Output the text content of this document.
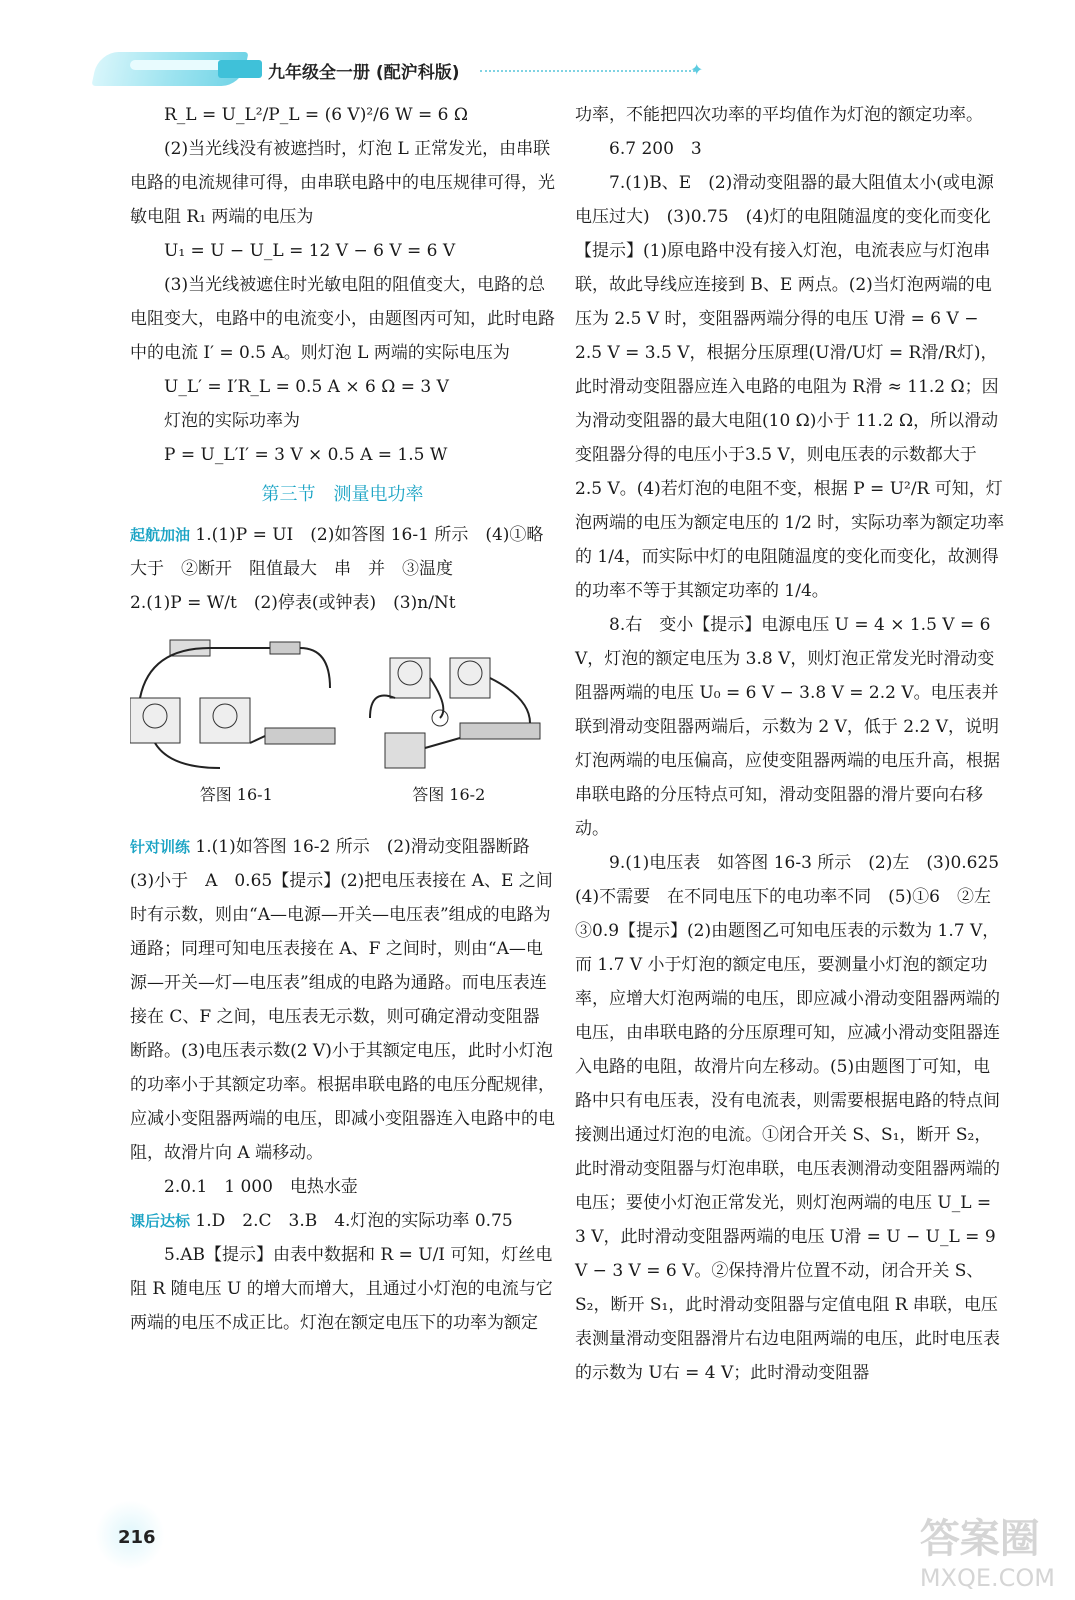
九年级全一册 (配沪科版)	✦

R_L = U_L²/P_L = (6 V)²/6 W = 6 Ω

(2)当光线没有被遮挡时，灯泡 L 正常发光，由串联电路的电流规律可得，由串联电路中的电压规律可得，光敏电阻 R₁ 两端的电压为

U₁ = U − U_L = 12 V − 6 V = 6 V

(3)当光线被遮住时光敏电阻的阻值变大，电路的总电阻变大，电路中的电流变小，由题图丙可知，此时电路中的电流 I′ = 0.5 A。则灯泡 L 两端的实际电压为

U_L′ = I′R_L = 0.5 A × 6 Ω = 3 V

灯泡的实际功率为

P = U_L′I′ = 3 V × 0.5 A = 1.5 W

第三节　测量电功率

起航加油 1.(1)P = UI　(2)如答图 16-1 所示　(4)①略大于　②断开　阻值最大　串　并　③温度

2.(1)P = W/t　(2)停表(或钟表)　(3)n/Nt

答图 16-1	答图 16-2

针对训练 1.(1)如答图 16-2 所示　(2)滑动变阻器断路　(3)小于　A　0.65【提示】(2)把电压表接在 A、E 之间时有示数，则由“A—电源—开关—电压表”组成的电路为通路；同理可知电压表接在 A、F 之间时，则由“A—电源—开关—灯—电压表”组成的电路为通路。而电压表连接在 C、F 之间，电压表无示数，则可确定滑动变阻器断路。(3)电压表示数(2 V)小于其额定电压，此时小灯泡的功率小于其额定功率。根据串联电路的电压分配规律，应减小变阻器两端的电压，即减小变阻器连入电路中的电阻，故滑片向 A 端移动。

2.0.1　1 000　电热水壶

课后达标 1.D　2.C　3.B　4.灯泡的实际功率 0.75

5.AB【提示】由表中数据和 R = U/I 可知，灯丝电阻 R 随电压 U 的增大而增大，且通过小灯泡的电流与它两端的电压不成正比。灯泡在额定电压下的功率为额定

功率，不能把四次功率的平均值作为灯泡的额定功率。

6.7 200　3

7.(1)B、E　(2)滑动变阻器的最大阻值太小(或电源电压过大)　(3)0.75　(4)灯的电阻随温度的变化而变化　【提示】(1)原电路中没有接入灯泡，电流表应与灯泡串联，故此导线应连接到 B、E 两点。(2)当灯泡两端的电压为 2.5 V 时，变阻器两端分得的电压 U滑 = 6 V − 2.5 V = 3.5 V，根据分压原理(U滑/U灯 = R滑/R灯)，此时滑动变阻器应连入电路的电阻为 R滑 ≈ 11.2 Ω；因为滑动变阻器的最大电阻(10 Ω)小于 11.2 Ω，所以滑动变阻器分得的电压小于3.5 V，则电压表的示数都大于 2.5 V。(4)若灯泡的电阻不变，根据 P = U²/R 可知，灯泡两端的电压为额定电压的 1/2 时，实际功率为额定功率的 1/4，而实际中灯的电阻随温度的变化而变化，故测得的功率不等于其额定功率的 1/4。

8.右　变小【提示】电源电压 U = 4 × 1.5 V = 6 V，灯泡的额定电压为 3.8 V，则灯泡正常发光时滑动变阻器两端的电压 U₀ = 6 V − 3.8 V = 2.2 V。电压表并联到滑动变阻器两端后，示数为 2 V，低于 2.2 V，说明灯泡两端的电压偏高，应使变阻器两端的电压升高，根据串联电路的分压特点可知，滑动变阻器的滑片要向右移动。

9.(1)电压表　如答图 16-3 所示　(2)左　(3)0.625　(4)不需要　在不同电压下的电功率不同　(5)①6　②左　③0.9【提示】(2)由题图乙可知电压表的示数为 1.7 V，而 1.7 V 小于灯泡的额定电压，要测量小灯泡的额定功率，应增大灯泡两端的电压，即应减小滑动变阻器两端的电压，由串联电路的分压原理可知，应减小滑动变阻器连入电路的电阻，故滑片向左移动。(5)由题图丁可知，电路中只有电压表，没有电流表，则需要根据电路的特点间接测出通过灯泡的电流。①闭合开关 S、S₁，断开 S₂，此时滑动变阻器与灯泡串联，电压表测滑动变阻器两端的电压；要使小灯泡正常发光，则灯泡两端的电压 U_L = 3 V，此时滑动变阻器两端的电压 U滑 = U − U_L = 9 V − 3 V = 6 V。②保持滑片位置不动，闭合开关 S、S₂，断开 S₁，此时滑动变阻器与定值电阻 R 串联，电压表测量滑动变阻器滑片右边电阻两端的电压，此时电压表的示数为 U右 = 4 V；此时滑动变阻器

216	答案圈
MXQE.COM
